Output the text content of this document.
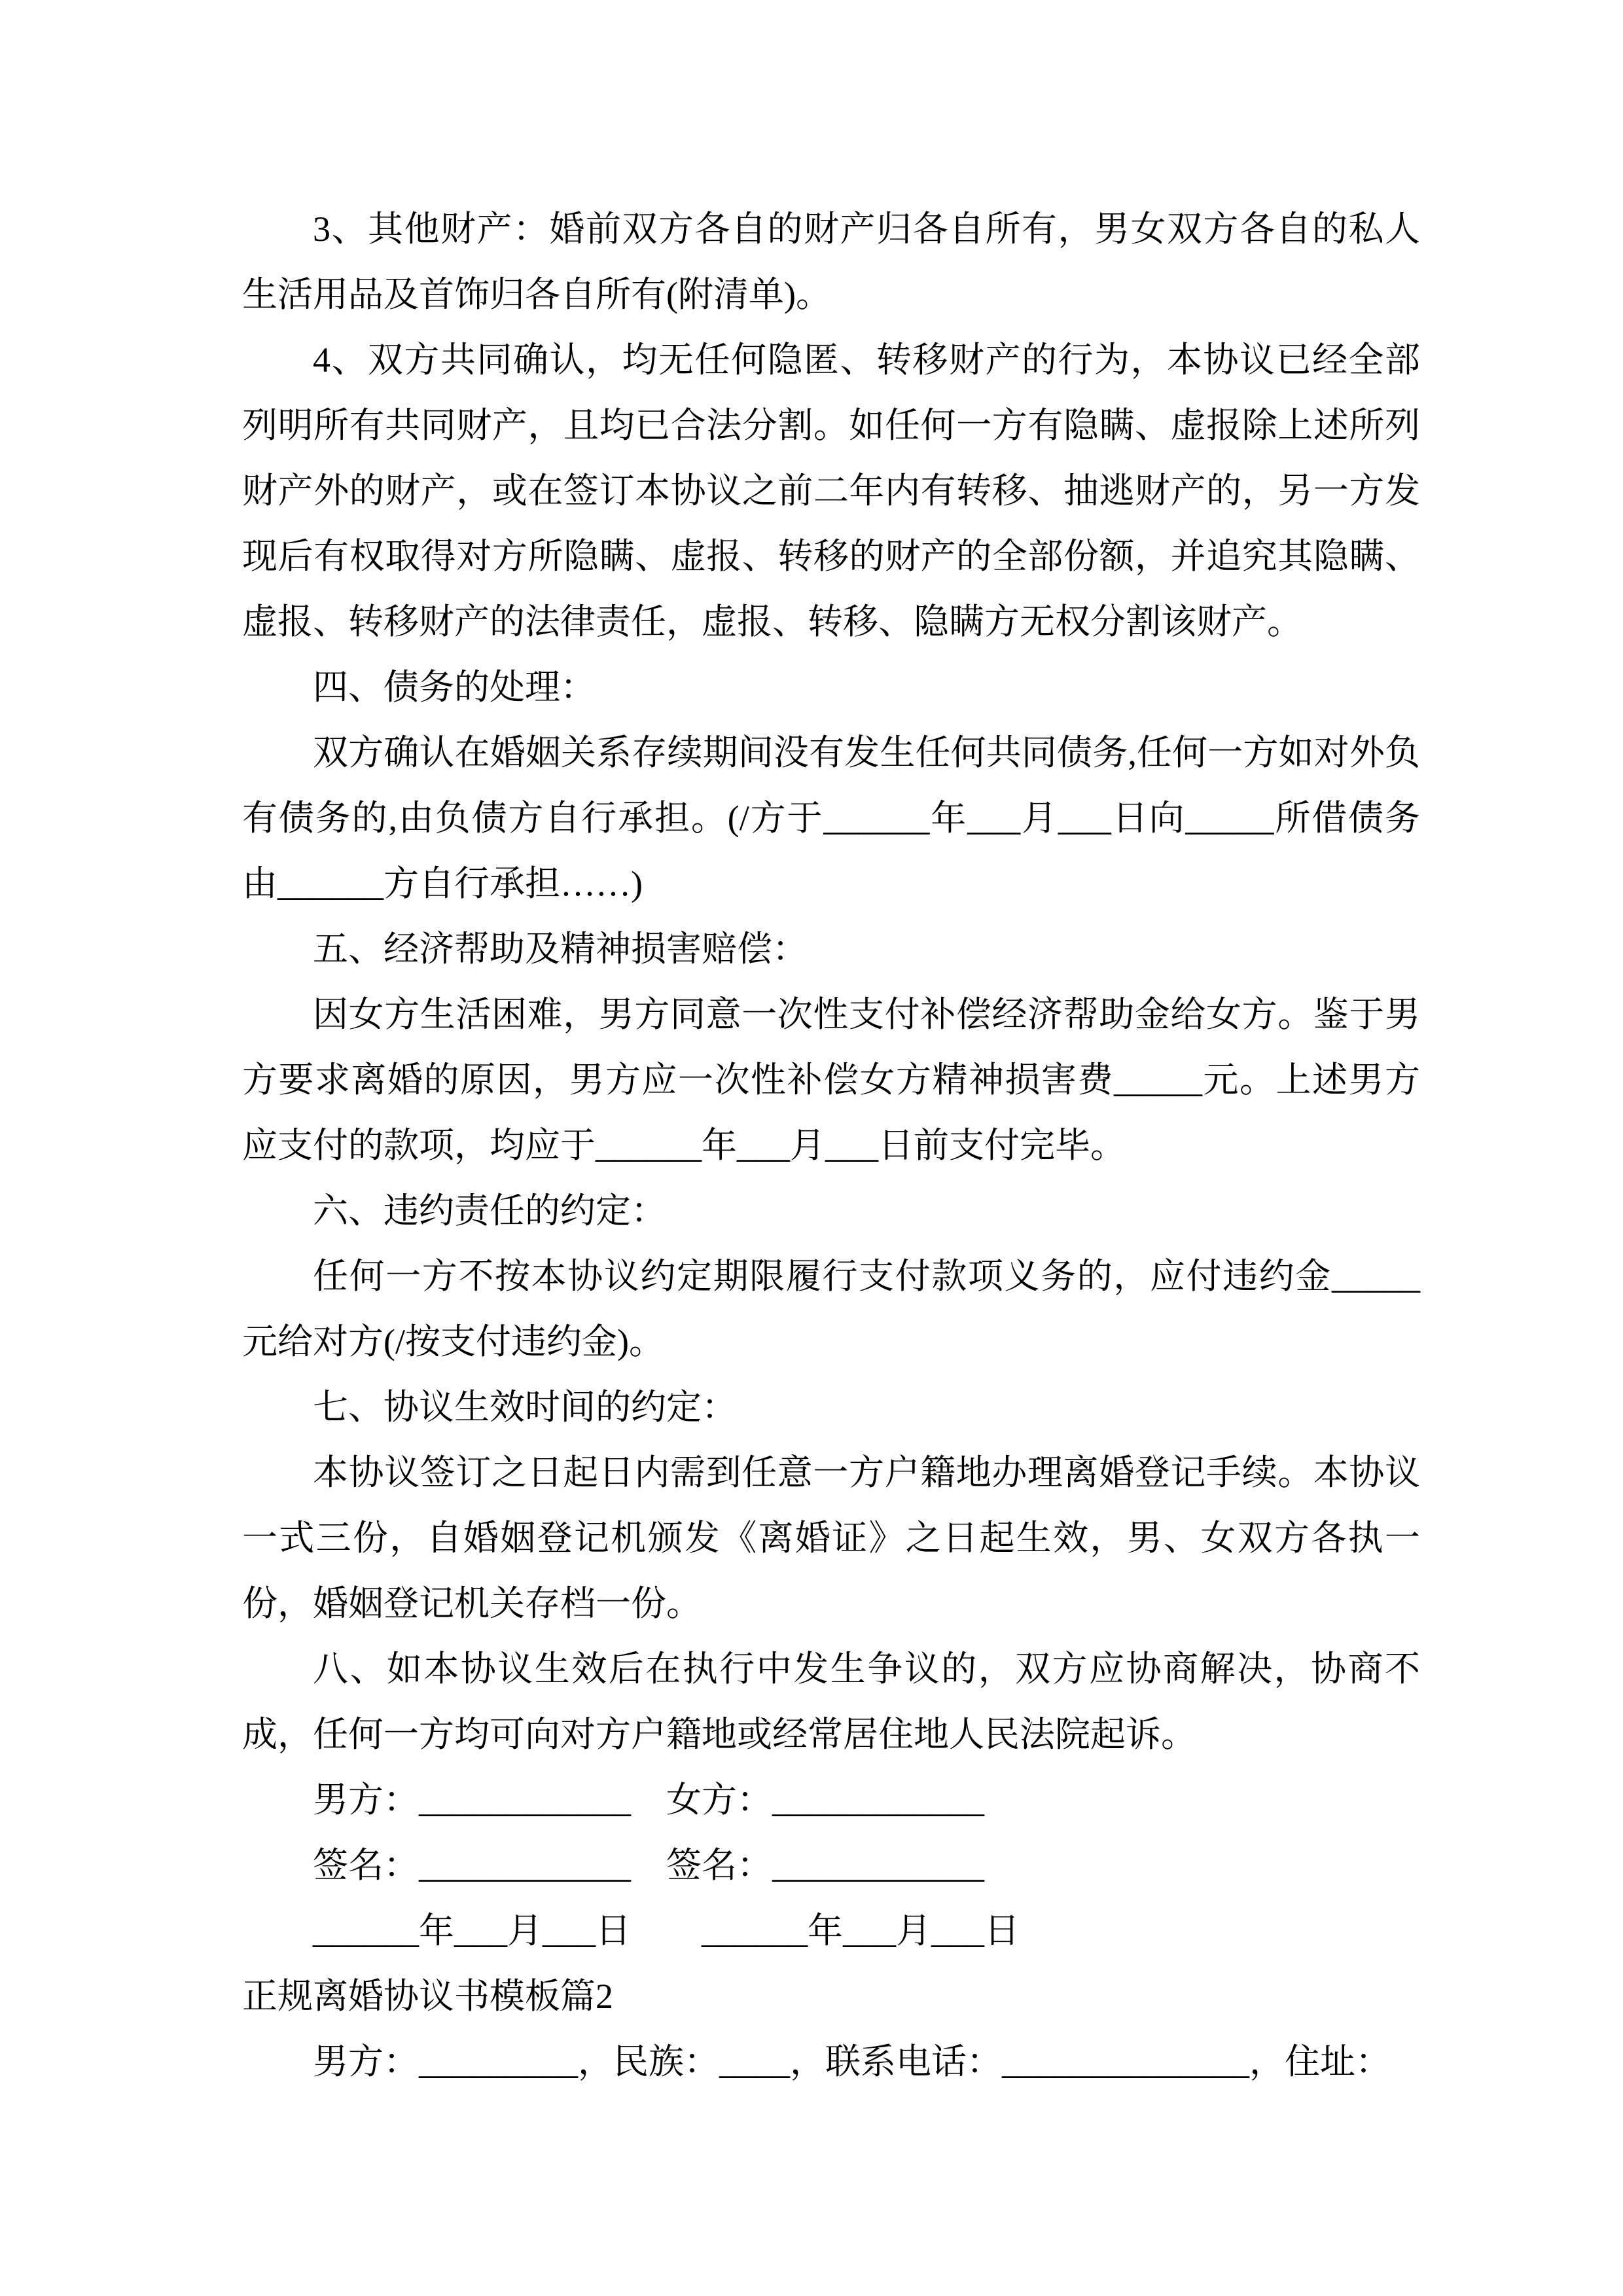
3、其他财产：婚前双方各自的财产归各自所有，男女双方各自的私人生活用品及首饰归各自所有(附清单)。

4、双方共同确认，均无任何隐匿、转移财产的行为，本协议已经全部列明所有共同财产，且均已合法分割。如任何一方有隐瞒、虚报除上述所列财产外的财产，或在签订本协议之前二年内有转移、抽逃财产的，另一方发现后有权取得对方所隐瞒、虚报、转移的财产的全部份额，并追究其隐瞒、虚报、转移财产的法律责任，虚报、转移、隐瞒方无权分割该财产。

四、债务的处理：

双方确认在婚姻关系存续期间没有发生任何共同债务,任何一方如对外负有债务的,由负债方自行承担。(/方于______年___月___日向_____所借债务由______方自行承担……)

五、经济帮助及精神损害赔偿：

因女方生活困难，男方同意一次性支付补偿经济帮助金给女方。鉴于男方要求离婚的原因，男方应一次性补偿女方精神损害费_____元。上述男方应支付的款项，均应于______年___月___日前支付完毕。

六、违约责任的约定：

任何一方不按本协议约定期限履行支付款项义务的，应付违约金_____元给对方(/按支付违约金)。

七、协议生效时间的约定：

本协议签订之日起日内需到任意一方户籍地办理离婚登记手续。本协议一式三份，自婚姻登记机颁发《离婚证》之日起生效，男、女双方各执一份，婚姻登记机关存档一份。

八、如本协议生效后在执行中发生争议的，双方应协商解决，协商不成，任何一方均可向对方户籍地或经常居住地人民法院起诉。

男方：____________　女方：____________

签名：____________　签名：____________

______年___月___日　　______年___月___日

正规离婚协议书模板篇2

男方：_________，民族：____，联系电话：______________，住址：
